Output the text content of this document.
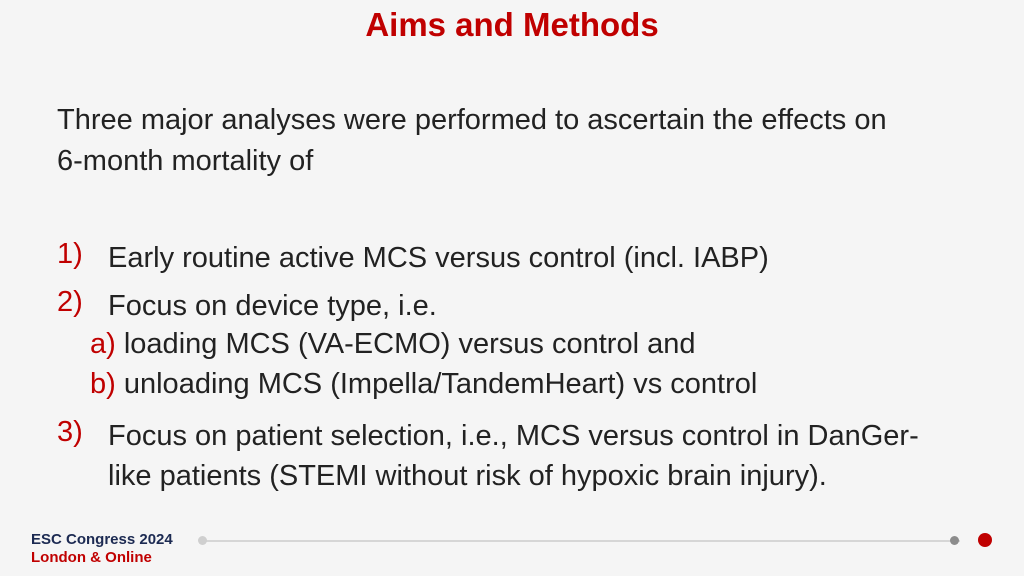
Aims and Methods
Three major analyses were performed to ascertain the effects on
6-month mortality of
1) Early routine active MCS versus control (incl. IABP)
2) Focus on device type, i.e.
a) loading MCS (VA-ECMO) versus control and
b) unloading MCS (Impella/TandemHeart) vs control
3) Focus on patient selection, i.e., MCS versus control in DanGer-
like patients (STEMI without risk of hypoxic brain injury).
ESC Congress 2024
London & Online
